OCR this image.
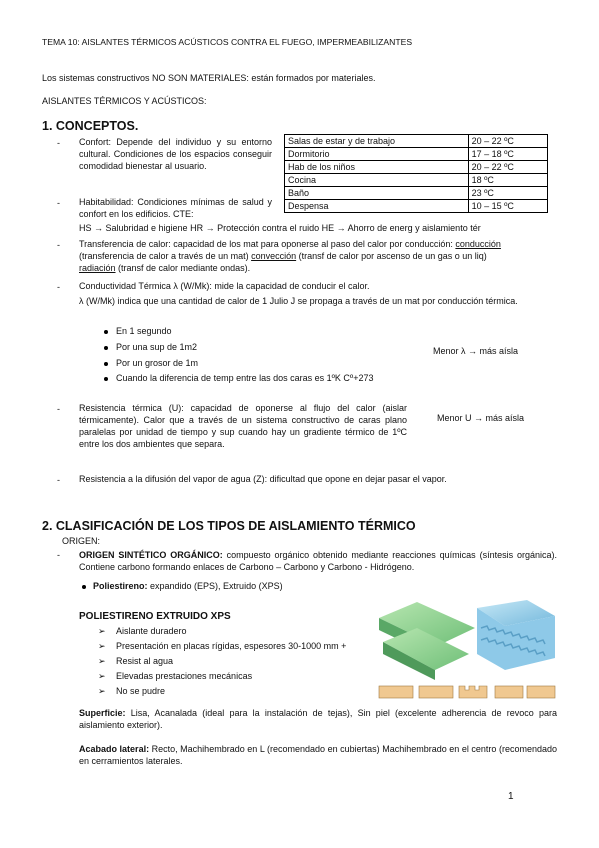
TEMA 10: AISLANTES TÉRMICOS ACÚSTICOS CONTRA EL FUEGO, IMPERMEABILIZANTES
Los sistemas constructivos NO SON MATERIALES: están formados por materiales.
AISLANTES TÉRMICOS Y ACÚSTICOS:
1. CONCEPTOS.
- Confort: Depende del individuo y su entorno cultural. Condiciones de los espacios conseguir comodidad bienestar al usuario.
- Habitabilidad: Condiciones mínimas de salud y confort en los edificios. CTE:
HS → Salubridad e higiene HR → Protección contra el ruido HE → Ahorro de energ y aislamiento tér
Salas de estar y de trabajo	20 – 22 ºC
Dormitorio	17 – 18 ºC
Hab de los niños	20 – 22 ºC
Cocina	18 ºC
Baño	23 ºC
Despensa	10 – 15 ºC
- Transferencia de calor: capacidad de los mat para oponerse al paso del calor por conducción: conducción
(transferencia de calor a través de un mat) convección (transf de calor por ascenso de un gas o un liq)
radiación (transf de calor mediante ondas).
- Conductividad Térmica λ (W/Mk): mide la capacidad de conducir el calor.
λ (W/Mk) indica que una cantidad de calor de 1 Julio J se propaga a través de un mat por conducción térmica.
En 1 segundo
Por una sup de 1m2
Por un grosor de 1m
Cuando la diferencia de temp entre las dos caras es 1ºK Cº+273
Menor λ → más aísla
- Resistencia térmica (U): capacidad de oponerse al flujo del calor (aislar térmicamente). Calor que a través de un sistema constructivo de caras plano paralelas por unidad de tiempo y sup cuando hay un gradiente térmico de 1ºC entre los dos ambientes que separa.
Menor U → más aísla
- Resistencia a la difusión del vapor de agua (Z): dificultad que opone en dejar pasar el vapor.
2. CLASIFICACIÓN DE LOS TIPOS DE AISLAMIENTO TÉRMICO
ORIGEN:
- ORIGEN SINTÉTICO ORGÁNICO: compuesto orgánico obtenido mediante reacciones químicas (síntesis orgánica). Contiene carbono formando enlaces de Carbono – Carbono y Carbono - Hidrógeno.
Poliestireno: expandido (EPS), Extruido (XPS)
POLIESTIRENO EXTRUIDO XPS
➢ Aislante duradero
➢ Presentación en placas rígidas, espesores 30-1000 mm +
➢ Resist al agua
➢ Elevadas prestaciones mecánicas
➢ No se pudre
Superficie: Lisa, Acanalada (ideal para la instalación de tejas), Sin piel (excelente adherencia de revoco para aislamiento exterior).
Acabado lateral: Recto, Machihembrado en L (recomendado en cubiertas) Machihembrado en el centro (recomendado en cerramientos laterales.
1
